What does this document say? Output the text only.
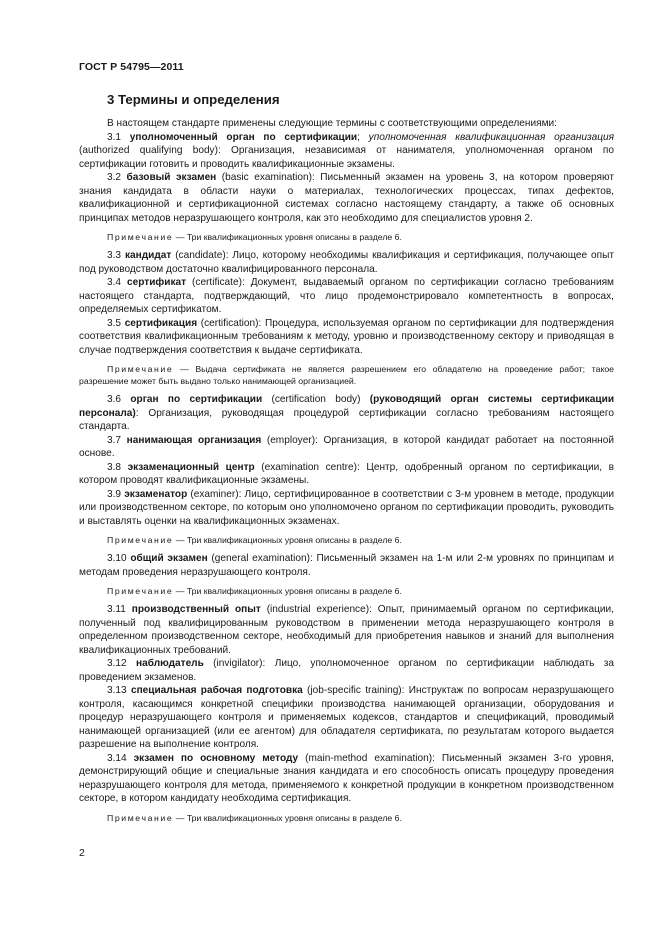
ГОСТ Р 54795—2011
3 Термины и определения

В настоящем стандарте применены следующие термины с соответствующими определениями:

3.1 уполномоченный орган по сертификации; уполномоченная квалификационная организация (authorized qualifying body): Организация, независимая от нанимателя, уполномоченная органом по сертификации готовить и проводить квалификационные экзамены.

3.2 базовый экзамен (basic examination): Письменный экзамен на уровень 3, на котором проверяют знания кандидата в области науки о материалах, технологических процессах, типах дефектов, квалификационной и сертификационной системах согласно настоящему стандарту, а также об основных принципах методов неразрушающего контроля, как это необходимо для специалистов уровня 2.

Примечание — Три квалификационных уровня описаны в разделе 6.

3.3 кандидат (candidate): Лицо, которому необходимы квалификация и сертификация, получающее опыт под руководством достаточно квалифицированного персонала.

3.4 сертификат (certificate): Документ, выдаваемый органом по сертификации согласно требованиям настоящего стандарта, подтверждающий, что лицо продемонстрировало компетентность в вопросах, определяемых сертификатом.

3.5 сертификация (certification): Процедура, используемая органом по сертификации для подтверждения соответствия квалификационным требованиям к методу, уровню и производственному сектору и приводящая в случае подтверждения соответствия к выдаче сертификата.

Примечание — Выдача сертификата не является разрешением его обладателю на проведение работ; такое разрешение может быть выдано только нанимающей организацией.

3.6 орган по сертификации (certification body) (руководящий орган системы сертификации персонала): Организация, руководящая процедурой сертификации согласно требованиям настоящего стандарта.

3.7 нанимающая организация (employer): Организация, в которой кандидат работает на постоянной основе.

3.8 экзаменационный центр (examination centre): Центр, одобренный органом по сертификации, в котором проводят квалификационные экзамены.

3.9 экзаменатор (examiner): Лицо, сертифицированное в соответствии с 3-м уровнем в методе, продукции или производственном секторе, по которым оно уполномочено органом по сертификации проводить, руководить и выставлять оценки на квалификационных экзаменах.

Примечание — Три квалификационных уровня описаны в разделе 6.

3.10 общий экзамен (general examination): Письменный экзамен на 1-м или 2-м уровнях по принципам и методам проведения неразрушающего контроля.

Примечание — Три квалификационных уровня описаны в разделе 6.

3.11 производственный опыт (industrial experience): Опыт, принимаемый органом по сертификации, полученный под квалифицированным руководством в применении метода неразрушающего контроля в определенном производственном секторе, необходимый для приобретения навыков и знаний для выполнения квалификационных требований.

3.12 наблюдатель (invigilator): Лицо, уполномоченное органом по сертификации наблюдать за проведением экзаменов.

3.13 специальная рабочая подготовка (job-specific training): Инструктаж по вопросам неразрушающего контроля, касающимся конкретной специфики производства нанимающей организации, оборудования и процедур неразрушающего контроля и применяемых кодексов, стандартов и спецификаций, проводимый нанимающей организацией (или ее агентом) для обладателя сертификата, по результатам которого выдается разрешение на выполнение контроля.

3.14 экзамен по основному методу (main-method examination): Письменный экзамен 3-го уровня, демонстрирующий общие и специальные знания кандидата и его способность описать процедуру проведения неразрушающего контроля для метода, применяемого к конкретной продукции в конкретном производственном секторе, в котором кандидату необходима сертификация.

Примечание — Три квалификационных уровня описаны в разделе 6.

2
